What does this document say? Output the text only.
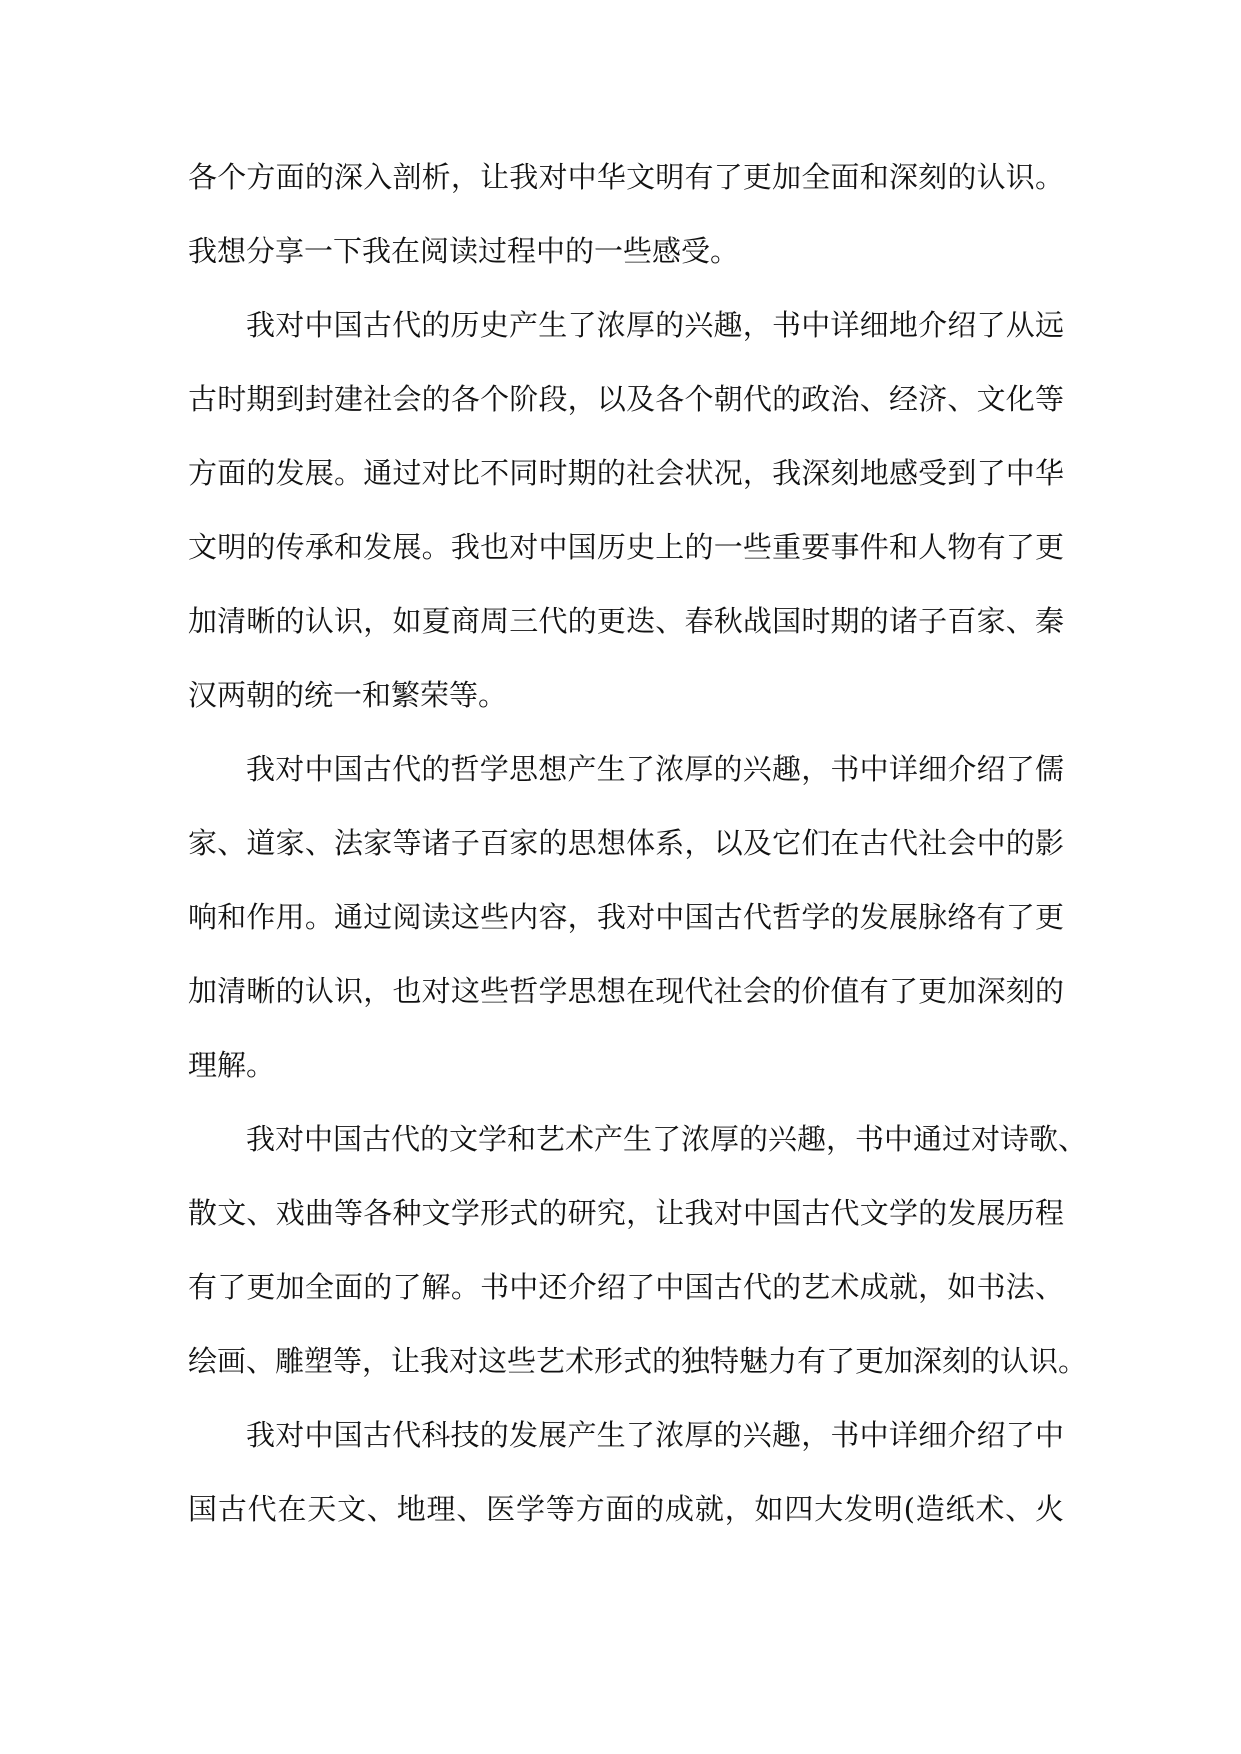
各个方面的深入剖析，让我对中华文明有了更加全面和深刻的认识。
我想分享一下我在阅读过程中的一些感受。
我对中国古代的历史产生了浓厚的兴趣，书中详细地介绍了从远
古时期到封建社会的各个阶段，以及各个朝代的政治、经济、文化等
方面的发展。通过对比不同时期的社会状况，我深刻地感受到了中华
文明的传承和发展。我也对中国历史上的一些重要事件和人物有了更
加清晰的认识，如夏商周三代的更迭、春秋战国时期的诸子百家、秦
汉两朝的统一和繁荣等。
我对中国古代的哲学思想产生了浓厚的兴趣，书中详细介绍了儒
家、道家、法家等诸子百家的思想体系，以及它们在古代社会中的影
响和作用。通过阅读这些内容，我对中国古代哲学的发展脉络有了更
加清晰的认识，也对这些哲学思想在现代社会的价值有了更加深刻的
理解。
我对中国古代的文学和艺术产生了浓厚的兴趣，书中通过对诗歌、
散文、戏曲等各种文学形式的研究，让我对中国古代文学的发展历程
有了更加全面的了解。书中还介绍了中国古代的艺术成就，如书法、
绘画、雕塑等，让我对这些艺术形式的独特魅力有了更加深刻的认识。
我对中国古代科技的发展产生了浓厚的兴趣，书中详细介绍了中
国古代在天文、地理、医学等方面的成就，如四大发明(造纸术、火
